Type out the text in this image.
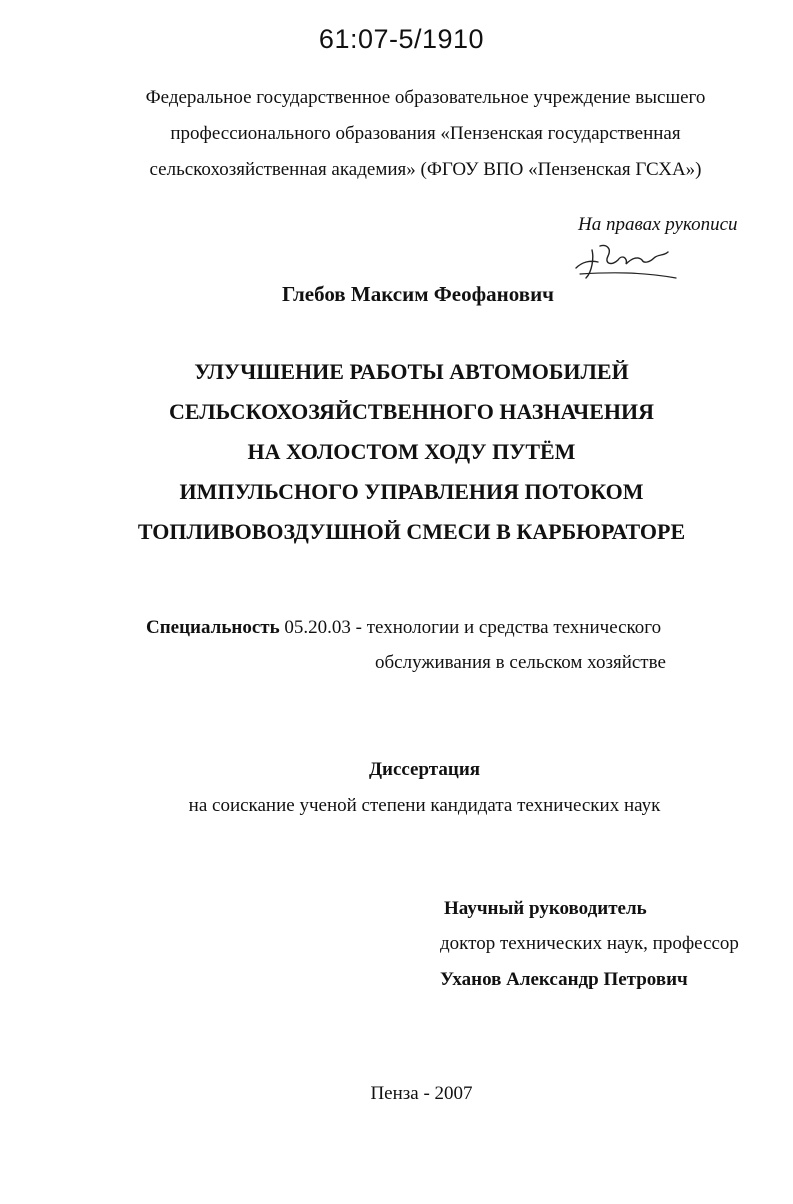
61:07-5/1910
Федеральное государственное образовательное учреждение высшего
профессионального образования «Пензенская государственная
сельскохозяйственная академия» (ФГОУ ВПО «Пензенская ГСХА»)
На правах рукописи
Глебов Максим Феофанович
УЛУЧШЕНИЕ РАБОТЫ АВТОМОБИЛЕЙ
СЕЛЬСКОХОЗЯЙСТВЕННОГО НАЗНАЧЕНИЯ
НА ХОЛОСТОМ ХОДУ ПУТЁМ
ИМПУЛЬСНОГО УПРАВЛЕНИЯ ПОТОКОМ
ТОПЛИВОВОЗДУШНОЙ СМЕСИ В КАРБЮРАТОРЕ
Специальность 05.20.03 - технологии и средства технического
обслуживания в сельском хозяйстве
Диссертация
на соискание ученой степени кандидата технических наук
Научный руководитель
доктор технических наук, профессор
Уханов Александр Петрович
Пенза - 2007
